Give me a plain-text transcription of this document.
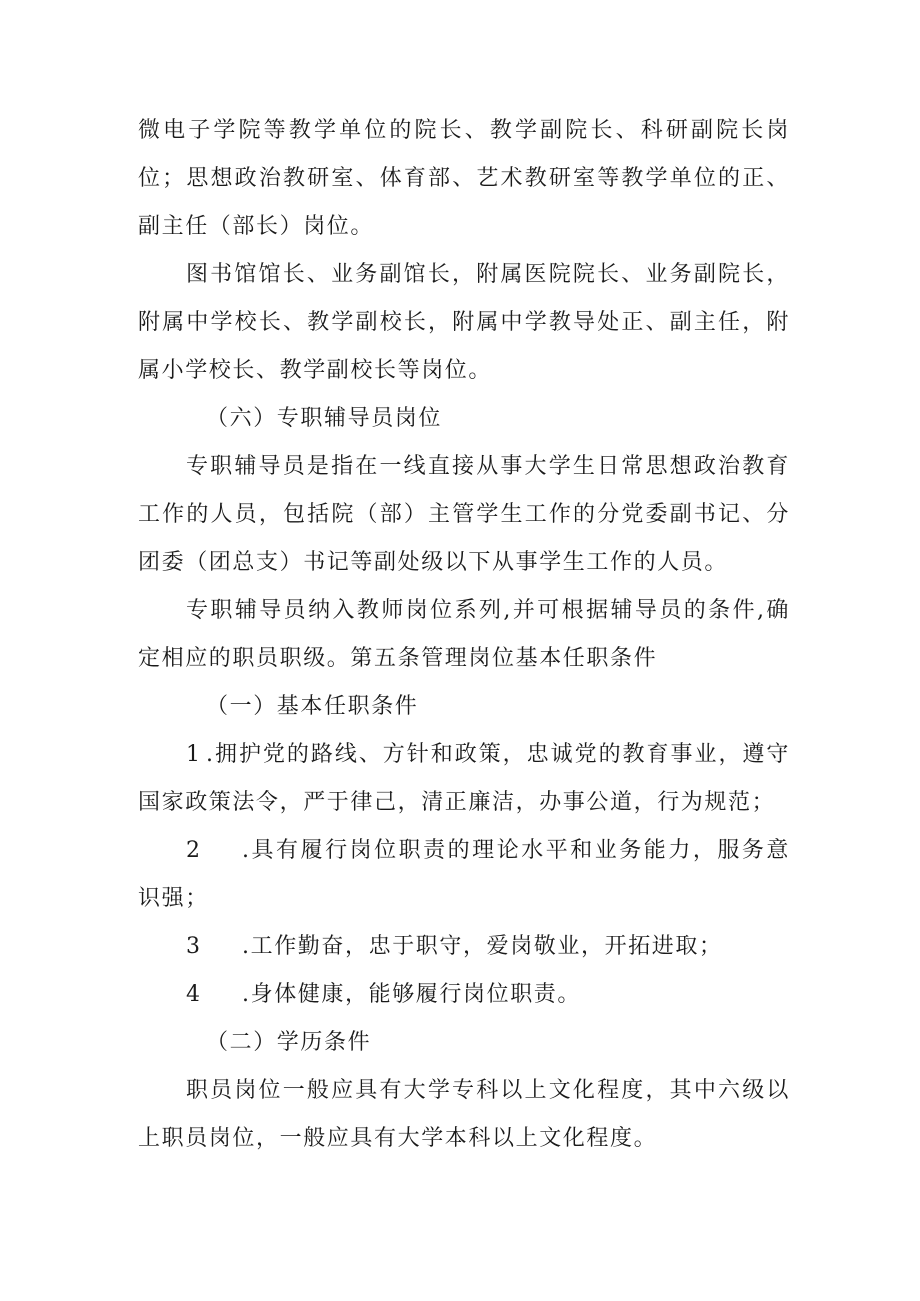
微电子学院等教学单位的院长、教学副院长、科研副院长岗位；思想政治教研室、体育部、艺术教研室等教学单位的正、副主任（部长）岗位。

图书馆馆长、业务副馆长，附属医院院长、业务副院长，附属中学校长、教学副校长，附属中学教导处正、副主任，附属小学校长、教学副校长等岗位。

（六）专职辅导员岗位

专职辅导员是指在一线直接从事大学生日常思想政治教育工作的人员，包括院（部）主管学生工作的分党委副书记、分团委（团总支）书记等副处级以下从事学生工作的人员。

专职辅导员纳入教师岗位系列,并可根据辅导员的条件,确定相应的职员职级。第五条管理岗位基本任职条件

（一）基本任职条件

1 .拥护党的路线、方针和政策，忠诚党的教育事业，遵守国家政策法令，严于律己，清正廉洁，办事公道，行为规范；

2 .具有履行岗位职责的理论水平和业务能力，服务意识强；

3 .工作勤奋，忠于职守，爱岗敬业，开拓进取；

4 .身体健康，能够履行岗位职责。

（二）学历条件

职员岗位一般应具有大学专科以上文化程度，其中六级以上职员岗位，一般应具有大学本科以上文化程度。
